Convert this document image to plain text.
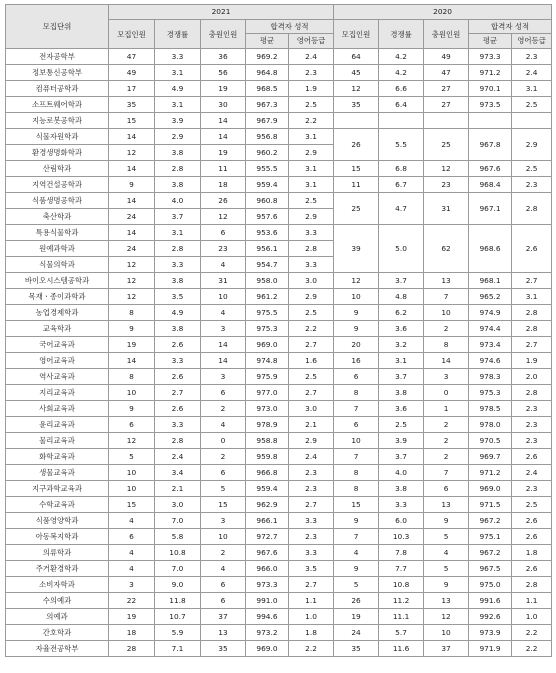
모집단위	2021					2020				
	모집인원	경쟁률	충원인원	합격자 성적		모집인원	경쟁률	충원인원	합격자 성적	
				평균	영어등급				평균	영어등급
전자공학부	47	3.3	36	969.2	2.4	64	4.2	49	973.3	2.3
정보통신공학부	49	3.1	56	964.8	2.3	45	4.2	47	971.2	2.4
컴퓨터공학과	17	4.9	19	968.5	1.9	12	6.6	27	970.1	3.1
소프트웨어학과	35	3.1	30	967.3	2.5	35	6.4	27	973.5	2.5
지능로봇공학과	15	3.9	14	967.9	2.2					
식물자원학과	14	2.9	14	956.8	3.1	26	5.5	25	967.8	2.9
환경생명화학과	12	3.8	19	960.2	2.9					
산림학과	14	2.8	11	955.5	3.1	15	6.8	12	967.6	2.5
지역건설공학과	9	3.8	18	959.4	3.1	11	6.7	23	968.4	2.3
식품생명공학과	14	4.0	26	960.8	2.5	25	4.7	31	967.1	2.8
축산학과	24	3.7	12	957.6	2.9					
특용식물학과	14	3.1	6	953.6	3.3	39	5.0	62	968.6	2.6
원예과학과	24	2.8	23	956.1	2.8					
식물의학과	12	3.3	4	954.7	3.3					
바이오시스템공학과	12	3.8	31	958.0	3.0	12	3.7	13	968.1	2.7
목재ㆍ종이과학과	12	3.5	10	961.2	2.9	10	4.8	7	965.2	3.1
농업경제학과	8	4.9	4	975.5	2.5	9	6.2	10	974.9	2.8
교육학과	9	3.8	3	975.3	2.2	9	3.6	2	974.4	2.8
국어교육과	19	2.6	14	969.0	2.7	20	3.2	8	973.4	2.7
영어교육과	14	3.3	14	974.8	1.6	16	3.1	14	974.6	1.9
역사교육과	8	2.6	3	975.9	2.5	6	3.7	3	978.3	2.0
지리교육과	10	2.7	6	977.0	2.7	8	3.8	0	975.3	2.8
사회교육과	9	2.6	2	973.0	3.0	7	3.6	1	978.5	2.3
윤리교육과	6	3.3	4	978.9	2.1	6	2.5	2	978.0	2.3
물리교육과	12	2.8	0	958.8	2.9	10	3.9	2	970.5	2.3
화학교육과	5	2.4	2	959.8	2.4	7	3.7	2	969.7	2.6
생물교육과	10	3.4	6	966.8	2.3	8	4.0	7	971.2	2.4
지구과학교육과	10	2.1	5	959.4	2.3	8	3.8	6	969.0	2.3
수학교육과	15	3.0	15	962.9	2.7	15	3.3	13	971.5	2.5
식품영양학과	4	7.0	3	966.1	3.3	9	6.0	9	967.2	2.6
아동복지학과	6	5.8	10	972.7	2.3	7	10.3	5	975.1	2.6
의류학과	4	10.8	2	967.6	3.3	4	7.8	4	967.2	1.8
주거환경학과	4	7.0	4	966.0	3.5	9	7.7	5	967.5	2.6
소비자학과	3	9.0	6	973.3	2.7	5	10.8	9	975.0	2.8
수의예과	22	11.8	6	991.0	1.1	26	11.2	13	991.6	1.1
의예과	19	10.7	37	994.6	1.0	19	11.1	12	992.6	1.0
간호학과	18	5.9	13	973.2	1.8	24	5.7	10	973.9	2.2
자율전공학부	28	7.1	35	969.0	2.2	35	11.6	37	971.9	2.2
